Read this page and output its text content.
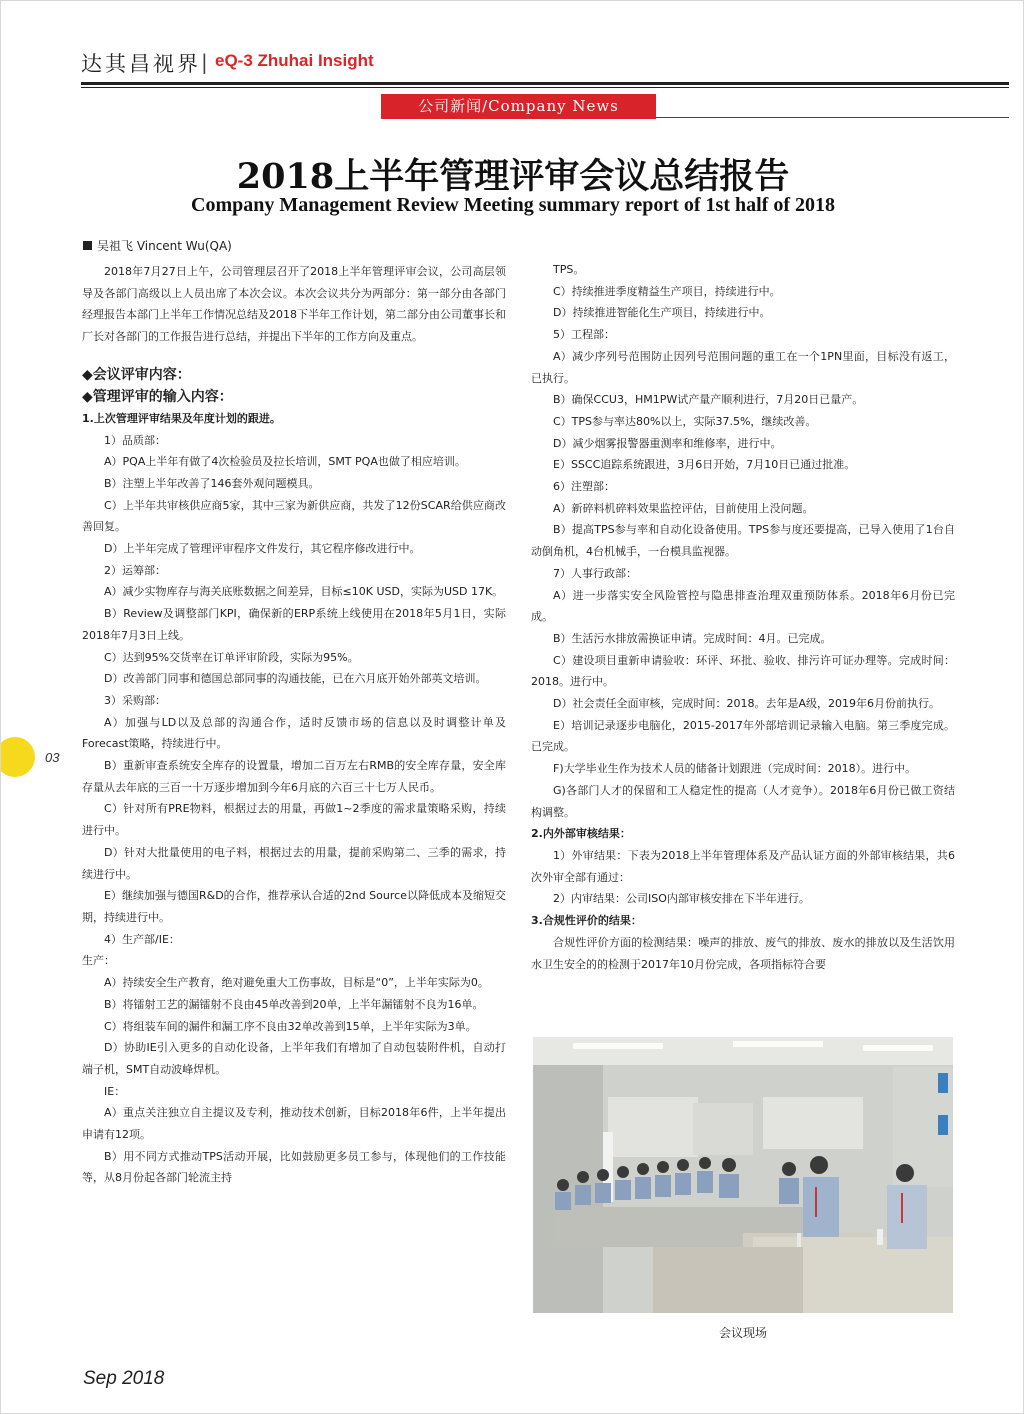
达其昌视界 | eQ-3 Zhuhai Insight
公司新闻/Company News
2018上半年管理评审会议总结报告
Company Management Review Meeting summary report of 1st half of 2018
吴祖飞 Vincent Wu(QA)

2018年7月27日上午，公司管理层召开了2018上半年管理评审会议，公司高层领导及各部门高级以上人员出席了本次会议。本次会议共分为两部分：第一部分由各部门经理报告本部门上半年工作情况总结及2018下半年工作计划，第二部分由公司董事长和厂长对各部门的工作报告进行总结，并提出下半年的工作方向及重点。

◆会议评审内容：

◆管理评审的输入内容：

1.上次管理评审结果及年度计划的跟进。

1）品质部：

A）PQA上半年有做了4次检验员及拉长培训，SMT PQA也做了相应培训。

B）注塑上半年改善了146套外观问题模具。

C）上半年共审核供应商5家，其中三家为新供应商，共发了12份SCAR给供应商改善回复。

D）上半年完成了管理评审程序文件发行，其它程序修改进行中。

2）运筹部：

A）减少实物库存与海关底账数据之间差异，目标≤10K USD，实际为USD 17K。

B）Review及调整部门KPI，确保新的ERP系统上线使用在2018年5月1日，实际2018年7月3日上线。

C）达到95%交货率在订单评审阶段，实际为95%。

D）改善部门同事和德国总部同事的沟通技能，已在六月底开始外部英文培训。

3）采购部：

A）加强与LD以及总部的沟通合作，适时反馈市场的信息以及时调整计单及Forecast策略，持续进行中。

B）重新审查系统安全库存的设置量，增加二百万左右RMB的安全库存量，安全库存量从去年底的三百一十万逐步增加到今年6月底的六百三十七万人民币。

C）针对所有PRE物料，根据过去的用量，再做1~2季度的需求量策略采购，持续进行中。

D）针对大批量使用的电子料，根据过去的用量，提前采购第二、三季的需求，持续进行中。

E）继续加强与德国R&D的合作，推荐承认合适的2nd Source以降低成本及缩短交期，持续进行中。

4）生产部/IE：

生产：

A）持续安全生产教育，绝对避免重大工伤事故，目标是“0”，上半年实际为0。

B）将镭射工艺的漏镭射不良由45单改善到20单，上半年漏镭射不良为16单。

C）将组装车间的漏件和漏工序不良由32单改善到15单，上半年实际为3单。

D）协助IE引入更多的自动化设备，上半年我们有增加了自动包装附件机，自动打端子机，SMT自动波峰焊机。

IE：

A）重点关注独立自主提议及专利，推动技术创新，目标2018年6件，上半年提出申请有12项。

B）用不同方式推动TPS活动开展，比如鼓励更多员工参与，体现他们的工作技能等，从8月份起各部门轮流主持

TPS。

C）持续推进季度精益生产项目，持续进行中。

D）持续推进智能化生产项目，持续进行中。

5）工程部：

A）减少序列号范围防止因列号范围问题的重工在一个1PN里面，目标没有返工，已执行。

B）确保CCU3，HM1PW试产量产顺利进行，7月20日已量产。

C）TPS参与率达80%以上，实际37.5%，继续改善。

D）减少烟雾报警器重测率和维修率，进行中。

E）SSCC追踪系统跟进，3月6日开始，7月10日已通过批准。

6）注塑部：

A）新碎料机碎料效果监控评估，目前使用上没问题。

B）提高TPS参与率和自动化设备使用。TPS参与度还要提高，已导入使用了1台自动倒角机，4台机械手，一台模具监视器。

7）人事行政部：

A）进一步落实安全风险管控与隐患排查治理双重预防体系。2018年6月份已完成。

B）生活污水排放需换证申请。完成时间：4月。已完成。

C）建设项目重新申请验收：环评、环批、验收、排污许可证办理等。完成时间：2018。进行中。

D）社会责任全面审核，完成时间：2018。去年是A级，2019年6月份前执行。

E）培训记录逐步电脑化，2015-2017年外部培训记录输入电脑。第三季度完成。已完成。

F)大学毕业生作为技术人员的储备计划跟进（完成时间：2018）。进行中。

G)各部门人才的保留和工人稳定性的提高（人才竞争）。2018年6月份已做工资结构调整。

2.内外部审核结果：

1）外审结果：下表为2018上半年管理体系及产品认证方面的外部审核结果，共6次外审全部有通过：

2）内审结果：公司ISO内部审核安排在下半年进行。

3.合规性评价的结果：

合规性评价方面的检测结果：噪声的排放、废气的排放、废水的排放以及生活饮用水卫生安全的的检测于2017年10月份完成，各项指标符合要

会议现场
03
Sep 2018
